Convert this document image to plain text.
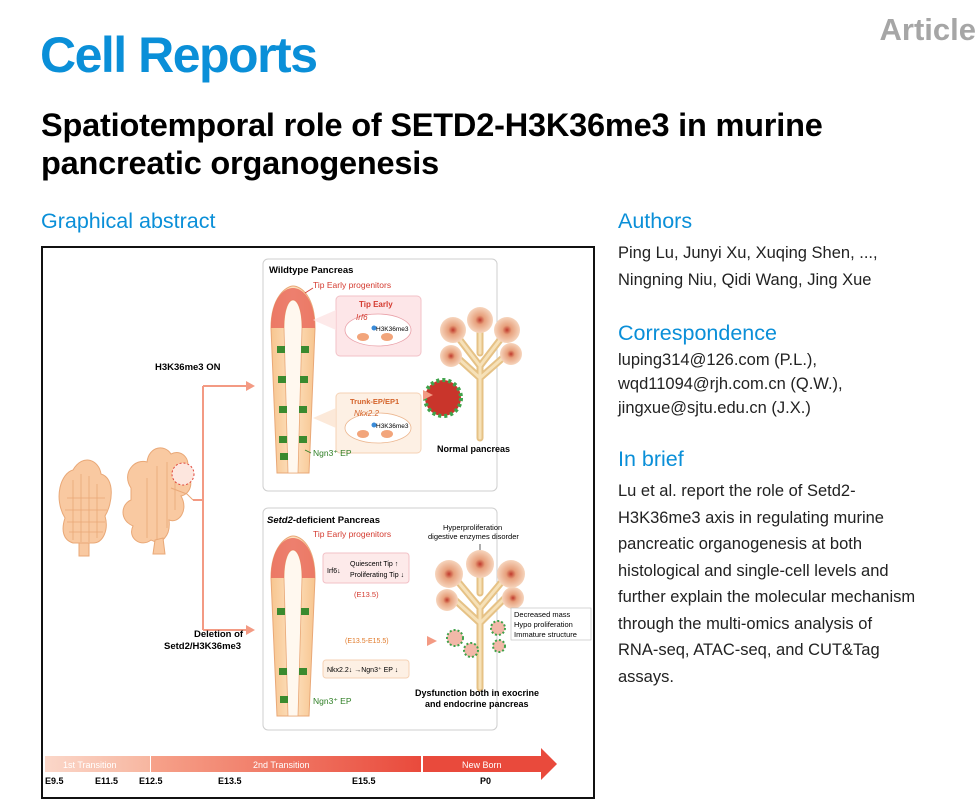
Cell Reports	Article
Spatiotemporal role of SETD2-H3K36me3 in murine
pancreatic organogenesis
Graphical abstract
H3K36me3 ON
Deletion of
Setd2/H3K36me3
Wildtype Pancreas
Tip Early progenitors
Tip Early
Irf6
H3K36me3
Trunk-EP/EP1
Nkx2.2
H3K36me3
Ngn3⁺ EP	Normal pancreas
Setd2-deficient Pancreas
Tip Early progenitors
Irf6↓
Quiescent Tip ↑
Proliferating Tip ↓
(E13.5)
(E13.5-E15.5)
Nkx2.2↓ →Ngn3⁺ EP ↓
Ngn3⁺ EP
Hyperproliferation
digestive enzymes disorder
Decreased mass
Hypo proliferation
Immature structure
Dysfunction both in exocrine
and endocrine pancreas
1st Transition	2nd Transition	New Born
E9.5	E11.5 E12.5	E13.5	E15.5	P0
Authors
Ping Lu, Junyi Xu, Xuqing Shen, ...,
Ningning Niu, Qidi Wang, Jing Xue
Correspondence
luping314@126.com (P.L.),
wqd11094@rjh.com.cn (Q.W.),
jingxue@sjtu.edu.cn (J.X.)
In brief
Lu et al. report the role of Setd2-
H3K36me3 axis in regulating murine
pancreatic organogenesis at both
histological and single-cell levels and
further explain the molecular mechanism
through the multi-omics analysis of
RNA-seq, ATAC-seq, and CUT&Tag
assays.
